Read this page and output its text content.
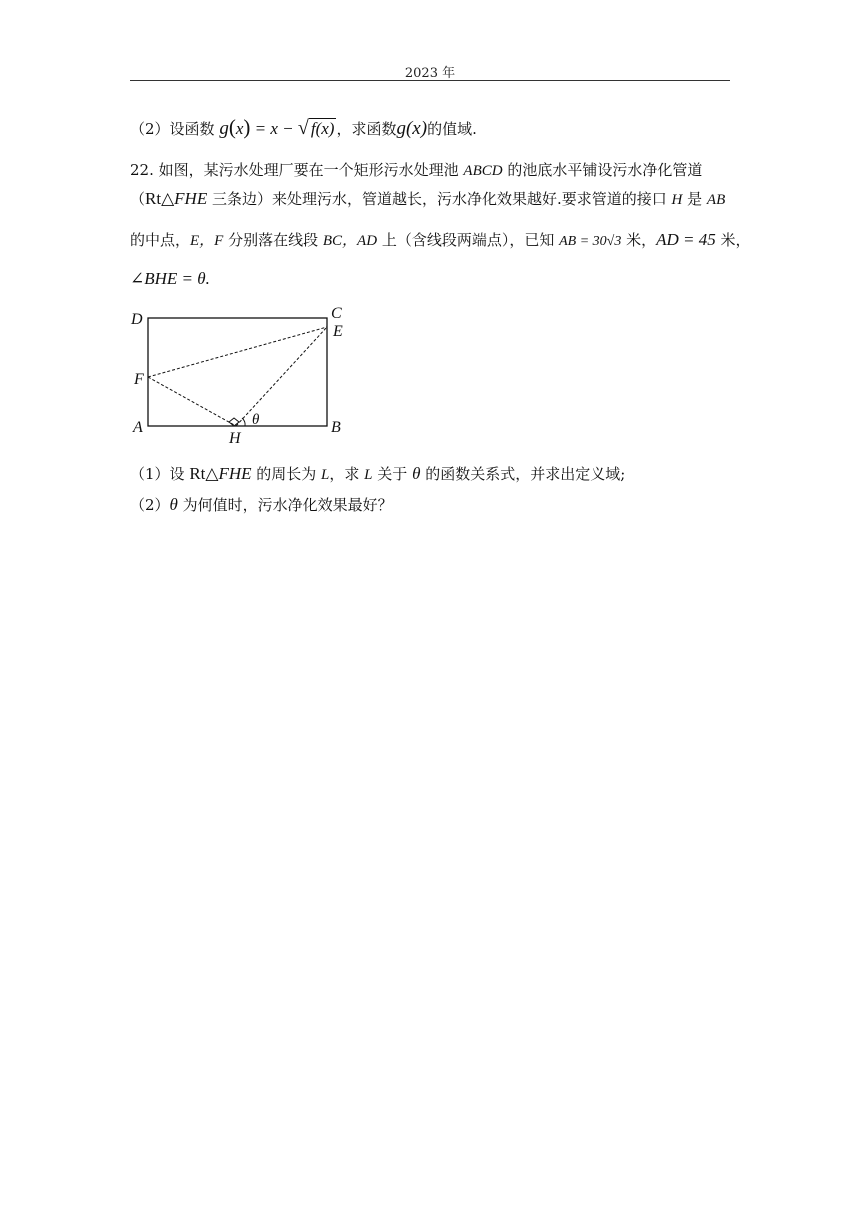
2023 年
（2）设函数 g(x) = x − √ f(x) ，求函数g(x)的值域.
22. 如图，某污水处理厂要在一个矩形污水处理池 ABCD 的池底水平铺设污水净化管道
（Rt△FHE 三条边）来处理污水，管道越长，污水净化效果越好.要求管道的接口 H 是 AB
的中点，E，F 分别落在线段 BC，AD 上（含线段两端点），已知 AB = 30√3 米，AD = 45 米，
∠BHE = θ.
D	C
E
F
A
H
B
θ
（1）设 Rt△FHE 的周长为 L，求 L 关于 θ 的函数关系式，并求出定义域;
（2）θ 为何值时，污水净化效果最好？
